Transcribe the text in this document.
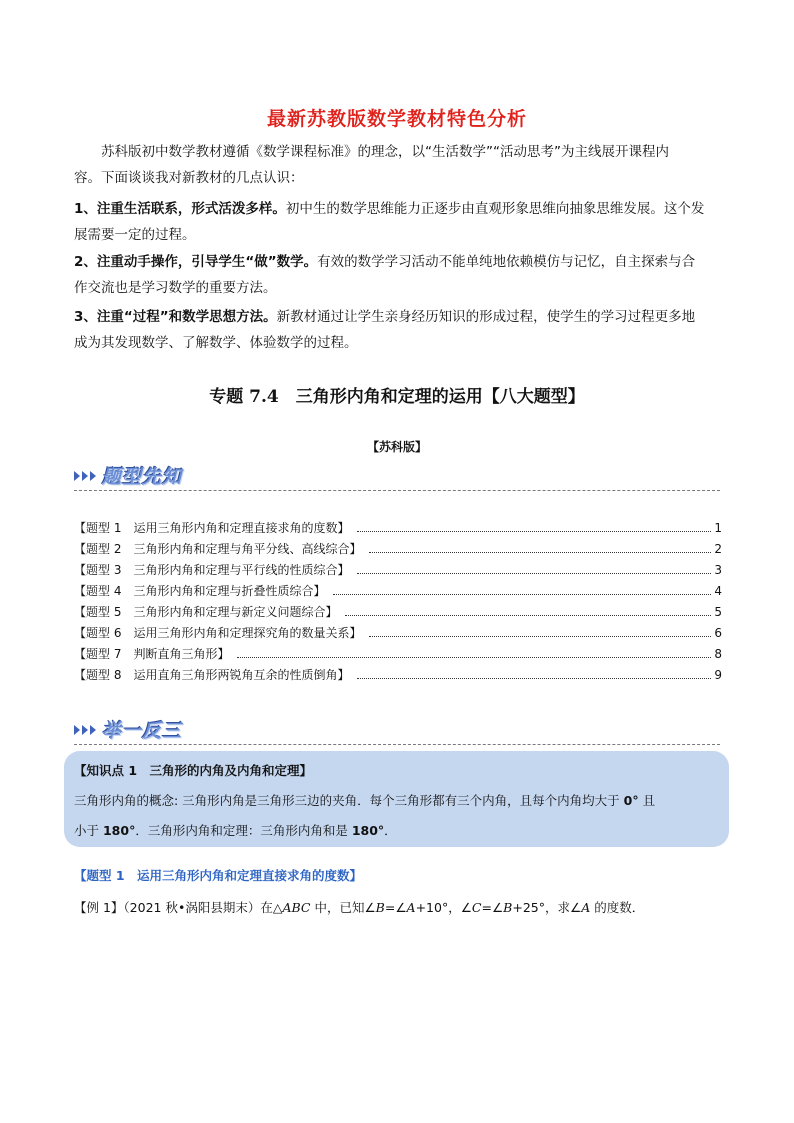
最新苏教版数学教材特色分析
苏科版初中数学教材遵循《数学课程标准》的理念，以“生活数学”“活动思考”为主线展开课程内
容。下面谈谈我对新教材的几点认识：
1、注重生活联系，形式活泼多样。初中生的数学思维能力正逐步由直观形象思维向抽象思维发展。这个发
展需要一定的过程。
2、注重动手操作，引导学生“做”数学。有效的数学学习活动不能单纯地依赖模仿与记忆，自主探索与合
作交流也是学习数学的重要方法。
3、注重“过程”和数学思想方法。新教材通过让学生亲身经历知识的形成过程，使学生的学习过程更多地
成为其发现数学、了解数学、体验数学的过程。
专题 7.4　三角形内角和定理的运用【八大题型】
【苏科版】
题型先知
【题型 1 运用三角形内角和定理直接求角的度数】	1
【题型 2 三角形内角和定理与角平分线、高线综合】	2
【题型 3 三角形内角和定理与平行线的性质综合】	3
【题型 4 三角形内角和定理与折叠性质综合】	4
【题型 5 三角形内角和定理与新定义问题综合】	5
【题型 6 运用三角形内角和定理探究角的数量关系】	6
【题型 7 判断直角三角形】	8
【题型 8 运用直角三角形两锐角互余的性质倒角】	9
举一反三
【知识点 1　三角形的内角及内角和定理】
三角形内角的概念: 三角形内角是三角形三边的夹角．每个三角形都有三个内角，且每个内角均大于 0° 且
小于 180°．三角形内角和定理：三角形内角和是 180°．
【题型 1　运用三角形内角和定理直接求角的度数】
【例 1】（2021 秋•涡阳县期末）在△ABC 中，已知∠B=∠A+10°，∠C=∠B+25°，求∠A 的度数．
